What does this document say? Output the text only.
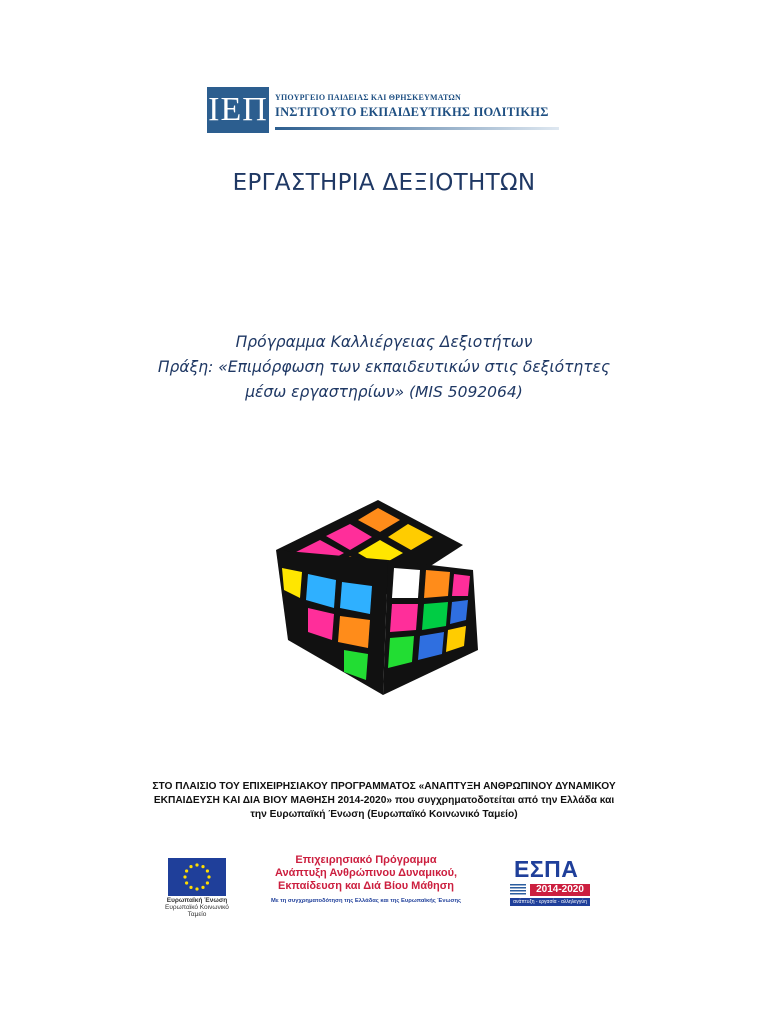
ΙΕΠ ΥΠΟΥΡΓΕΙΟ ΠΑΙΔΕΙΑΣ ΚΑΙ ΘΡΗΣΚΕΥΜΑΤΩΝ
ΙΝΣΤΙΤΟΥΤΟ ΕΚΠΑΙΔΕΥΤΙΚΗΣ ΠΟΛΙΤΙΚΗΣ
ΕΡΓΑΣΤΗΡΙΑ ΔΕΞΙΟΤΗΤΩΝ
Πρόγραμμα Καλλιέργειας Δεξιοτήτων
Πράξη: «Επιμόρφωση των εκπαιδευτικών στις δεξιότητες
μέσω εργαστηρίων» (MIS 5092064)
ΣΤΟ ΠΛΑΙΣΙΟ ΤΟΥ ΕΠΙΧΕΙΡΗΣΙΑΚΟΥ ΠΡΟΓΡΑΜΜΑΤΟΣ «ΑΝΑΠΤΥΞΗ ΑΝΘΡΩΠΙΝΟΥ ΔΥΝΑΜΙΚΟΥ
ΕΚΠΑΙΔΕΥΣΗ ΚΑΙ ΔΙΑ ΒΙΟΥ ΜΑΘΗΣΗ 2014-2020» που συγχρηματοδοτείται από την Ελλάδα και
την Ευρωπαϊκή Ένωση (Ευρωπαϊκό Κοινωνικό Ταμείο)
Ευρωπαϊκή Ένωση
Ευρωπαϊκό Κοινωνικό Ταμείο
Επιχειρησιακό Πρόγραμμα
Ανάπτυξη Ανθρώπινου Δυναμικού,
Εκπαίδευση και Διά Βίου Μάθηση
Με τη συγχρηματοδότηση της Ελλάδας και της Ευρωπαϊκής Ένωσης
ΕΣΠΑ
2014-2020
ανάπτυξη - εργασία - αλληλεγγύη
